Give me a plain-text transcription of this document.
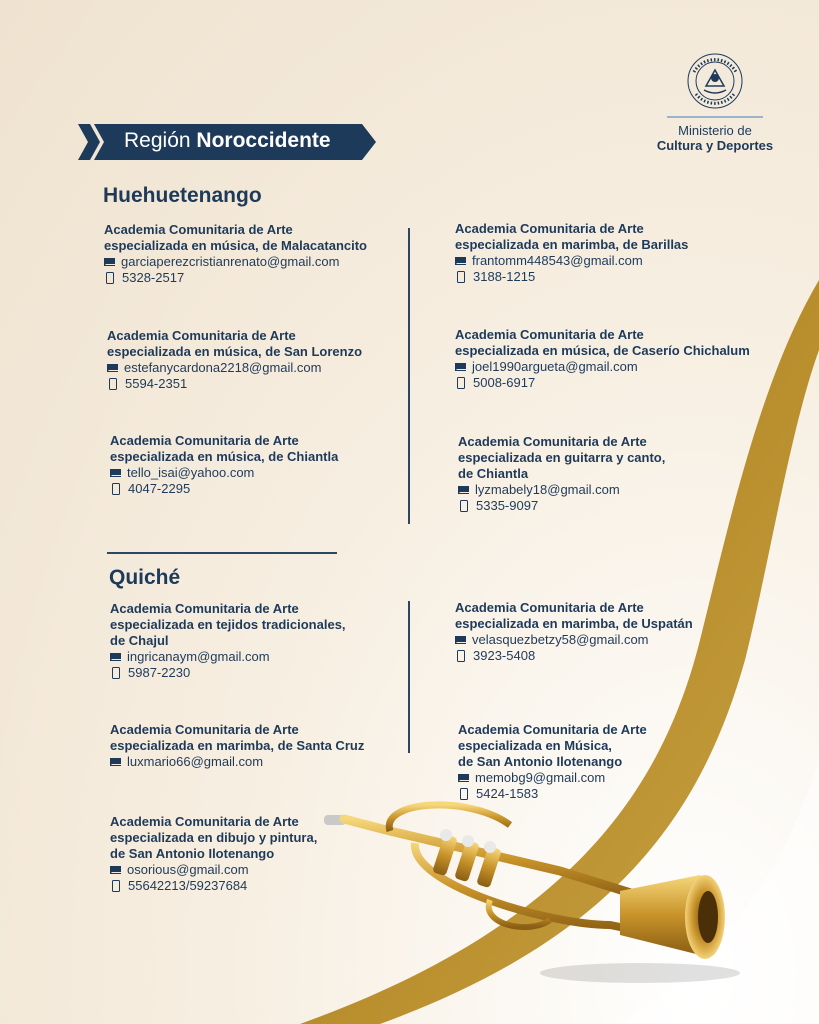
Región Noroccidente	Ministerio de
Cultura y Deportes
Huehuetenango
Academia Comunitaria de Arte
especializada en música, de Malacatancito
garciaperezcristianrenato@gmail.com
5328-2517
Academia Comunitaria de Arte
especializada en marimba, de Barillas
frantomm448543@gmail.com
3188-1215
Academia Comunitaria de Arte
especializada en música, de San Lorenzo
estefanycardona2218@gmail.com
5594-2351
Academia Comunitaria de Arte
especializada en música, de Caserío Chichalum
joel1990argueta@gmail.com
5008-6917
Academia Comunitaria de Arte
especializada en música, de Chiantla
tello_isai@yahoo.com
4047-2295
Academia Comunitaria de Arte
especializada en guitarra y canto,
de Chiantla
lyzmabely18@gmail.com
5335-9097
Quiché
Academia Comunitaria de Arte
especializada en tejidos tradicionales,
de Chajul
ingricanaym@gmail.com
5987-2230
Academia Comunitaria de Arte
especializada en marimba, de Uspatán
velasquezbetzy58@gmail.com
3923-5408
Academia Comunitaria de Arte
especializada en marimba, de Santa Cruz
luxmario66@gmail.com
Academia Comunitaria de Arte
especializada en Música,
de San Antonio Ilotenango
memobg9@gmail.com
5424-1583
Academia Comunitaria de Arte
especializada en dibujo y pintura,
de San Antonio Ilotenango
osorious@gmail.com
55642213/59237684
